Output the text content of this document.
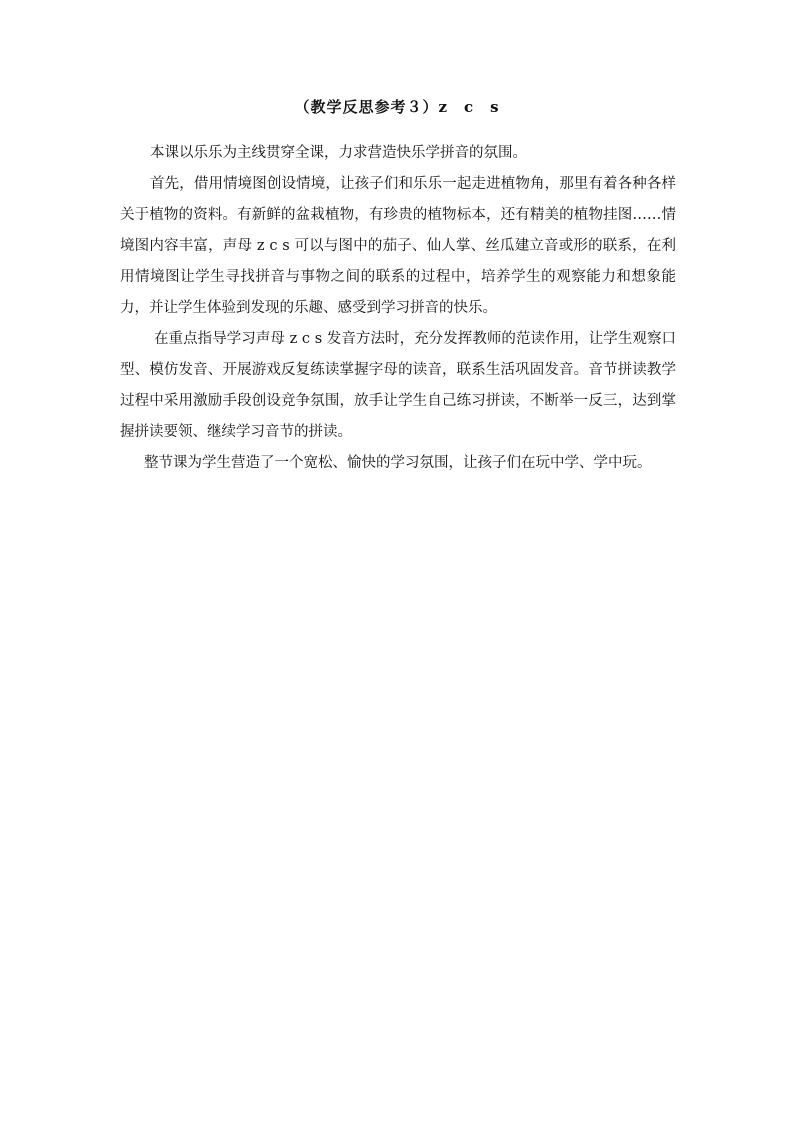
（教学反思参考３）z　c　s

本课以乐乐为主线贯穿全课，力求营造快乐学拼音的氛围。

首先，借用情境图创设情境，让孩子们和乐乐一起走进植物角，那里有着各种各样关于植物的资料。有新鲜的盆栽植物，有珍贵的植物标本，还有精美的植物挂图……情境图内容丰富，声母 z c s 可以与图中的茄子、仙人掌、丝瓜建立音或形的联系，在利用情境图让学生寻找拼音与事物之间的联系的过程中，培养学生的观察能力和想象能力，并让学生体验到发现的乐趣、感受到学习拼音的快乐。

在重点指导学习声母 z c s 发音方法时，充分发挥教师的范读作用，让学生观察口型、模仿发音、开展游戏反复练读掌握字母的读音，联系生活巩固发音。音节拼读教学过程中采用激励手段创设竞争氛围，放手让学生自己练习拼读，不断举一反三，达到掌握拼读要领、继续学习音节的拼读。

整节课为学生营造了一个宽松、愉快的学习氛围，让孩子们在玩中学、学中玩。
